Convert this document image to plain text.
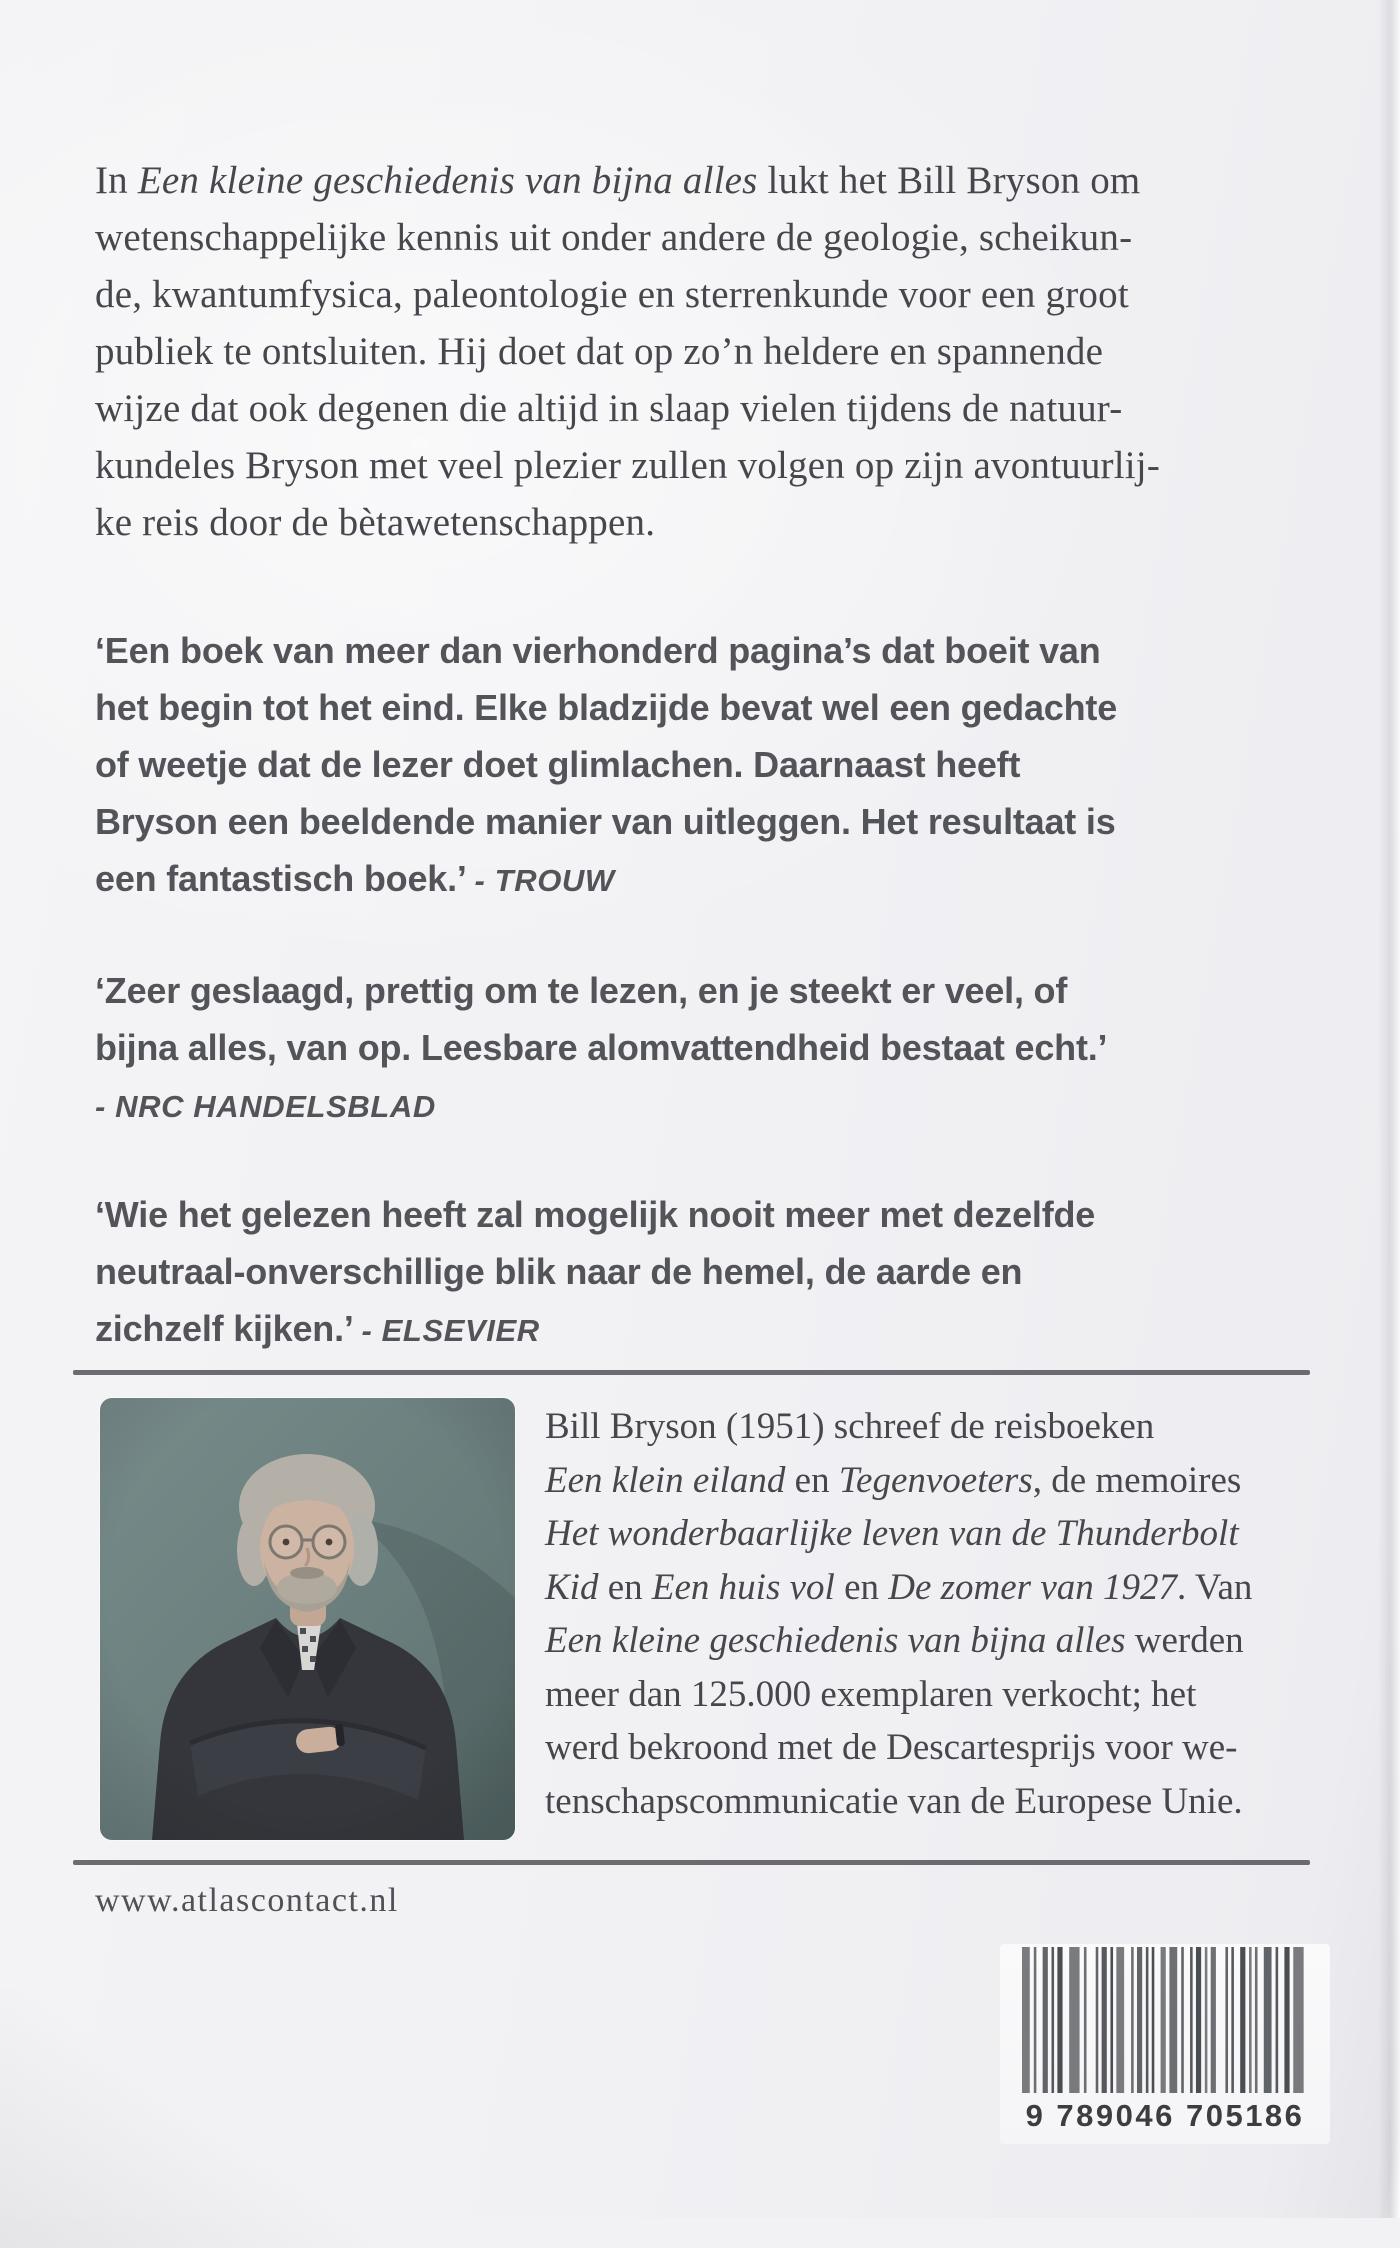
In Een kleine geschiedenis van bijna alles lukt het Bill Bryson om
wetenschappelijke kennis uit onder andere de geologie, scheikun-
de, kwantumfysica, paleontologie en sterrenkunde voor een groot
publiek te ontsluiten. Hij doet dat op zo’n heldere en spannende
wijze dat ook degenen die altijd in slaap vielen tijdens de natuur-
kundeles Bryson met veel plezier zullen volgen op zijn avontuurlij-
ke reis door de bètawetenschappen.
‘Een boek van meer dan vierhonderd pagina’s dat boeit van
het begin tot het eind. Elke bladzijde bevat wel een gedachte
of weetje dat de lezer doet glimlachen. Daarnaast heeft
Bryson een beeldende manier van uitleggen. Het resultaat is
een fantastisch boek.’ - TROUW
‘Zeer geslaagd, prettig om te lezen, en je steekt er veel, of
bijna alles, van op. Leesbare alomvattendheid bestaat echt.’
- NRC HANDELSBLAD
‘Wie het gelezen heeft zal mogelijk nooit meer met dezelfde
neutraal-onverschillige blik naar de hemel, de aarde en
zichzelf kijken.’ - ELSEVIER
Bill Bryson (1951) schreef de reisboeken
Een klein eiland en Tegenvoeters, de memoires
Het wonderbaarlijke leven van de Thunderbolt
Kid en Een huis vol en De zomer van 1927. Van
Een kleine geschiedenis van bijna alles werden
meer dan 125.000 exemplaren verkocht; het
werd bekroond met de Descartesprijs voor we-
tenschapscommunicatie van de Europese Unie.
www.atlascontact.nl
9 789046 705186
